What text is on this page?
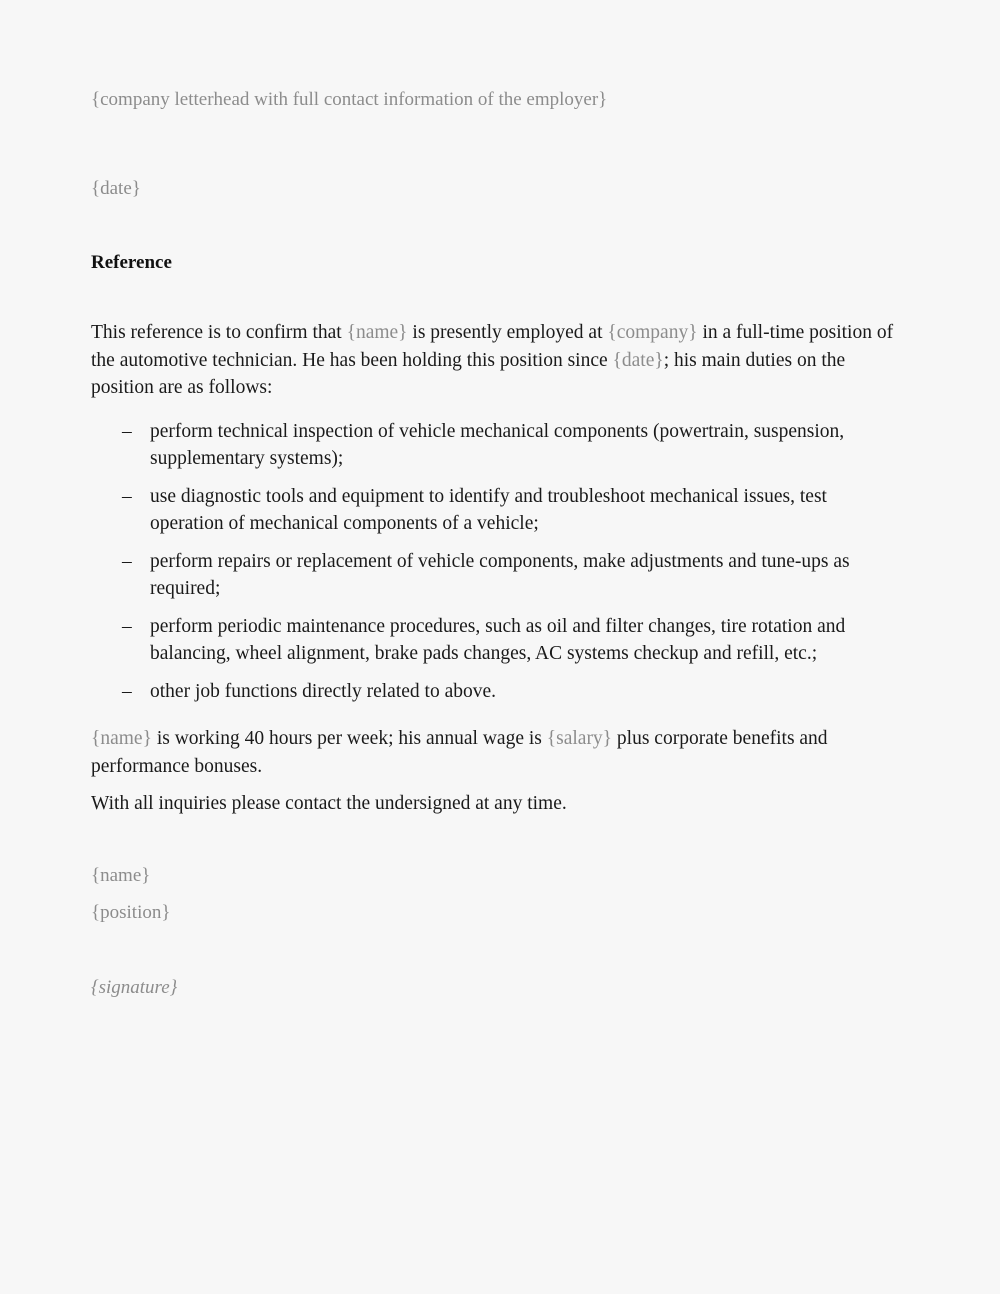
{company letterhead with full contact information of the employer}

{date}

Reference

This reference is to confirm that {name} is presently employed at {company} in a full-time position of the automotive technician. He has been holding this position since {date}; his main duties on the position are as follows:

– perform technical inspection of vehicle mechanical components (powertrain, suspension, supplementary systems);
– use diagnostic tools and equipment to identify and troubleshoot mechanical issues, test operation of mechanical components of a vehicle;
– perform repairs or replacement of vehicle components, make adjustments and tune-ups as required;
– perform periodic maintenance procedures, such as oil and filter changes, tire rotation and balancing, wheel alignment, brake pads changes, AC systems checkup and refill, etc.;
– other job functions directly related to above.

{name} is working 40 hours per week; his annual wage is {salary} plus corporate benefits and performance bonuses.

With all inquiries please contact the undersigned at any time.

{name}

{position}

{signature}
